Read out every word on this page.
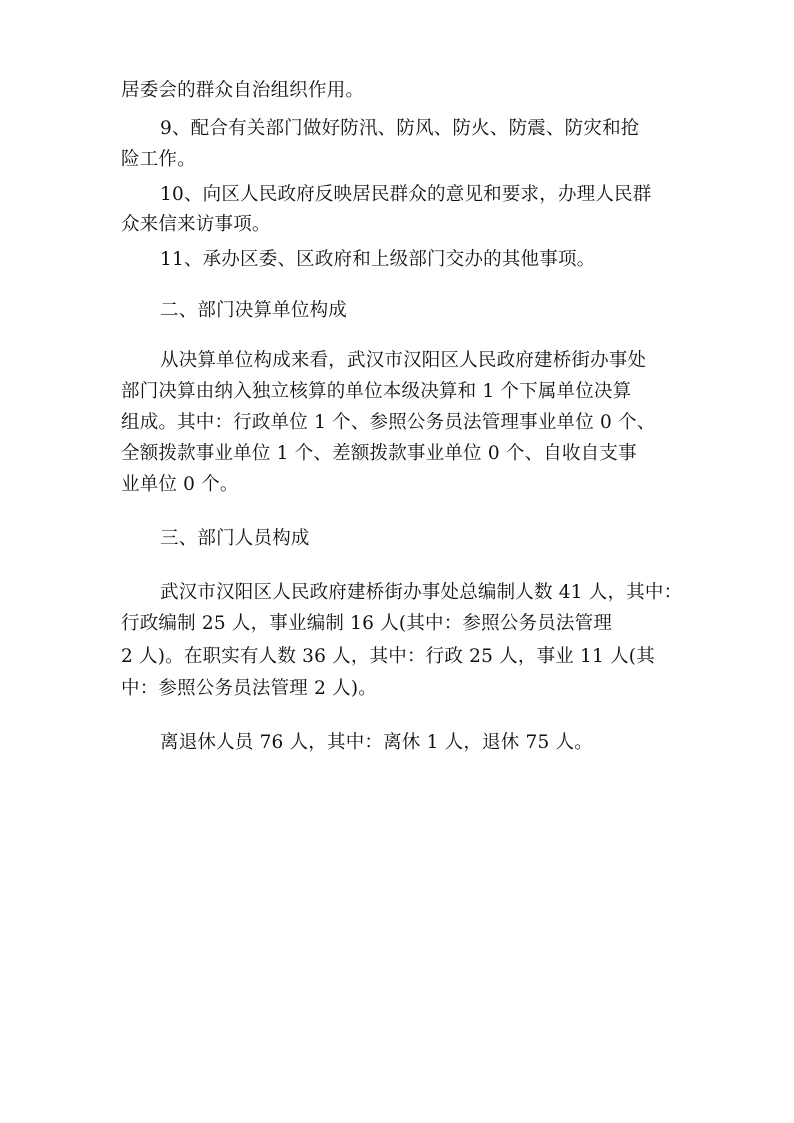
居委会的群众自治组织作用。
9、配合有关部门做好防汛、防风、防火、防震、防灾和抢
险工作。
10、向区人民政府反映居民群众的意见和要求，办理人民群
众来信来访事项。
11、承办区委、区政府和上级部门交办的其他事项。
二、部门决算单位构成
从决算单位构成来看，武汉市汉阳区人民政府建桥街办事处
部门决算由纳入独立核算的单位本级决算和 1 个下属单位决算
组成。其中：行政单位 1 个、参照公务员法管理事业单位 0 个、
全额拨款事业单位 1 个、差额拨款事业单位 0 个、自收自支事
业单位 0 个。
三、部门人员构成
武汉市汉阳区人民政府建桥街办事处总编制人数 41 人，其中：
行政编制 25 人，事业编制 16 人(其中：参照公务员法管理
2 人)。在职实有人数 36 人，其中：行政 25 人，事业 11 人(其
中：参照公务员法管理 2 人)。
离退休人员 76 人，其中：离休 1 人，退休 75 人。
